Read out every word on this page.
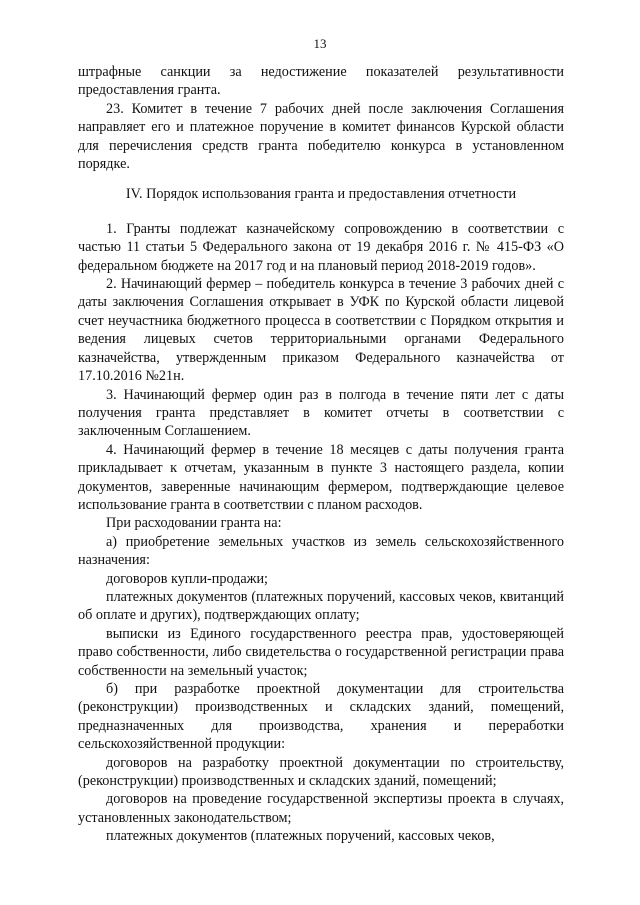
13

штрафные санкции за недостижение показателей результативности предоставления гранта.

23. Комитет в течение 7 рабочих дней после заключения Соглашения направляет его и платежное поручение в комитет финансов Курской области для перечисления средств гранта победителю конкурса в установленном порядке.

IV. Порядок использования гранта и предоставления отчетности

1. Гранты подлежат казначейскому сопровождению в соответствии с частью 11 статьи 5 Федерального закона от 19 декабря 2016 г. № 415-ФЗ «О федеральном бюджете на 2017 год и на плановый период 2018-2019 годов».

2. Начинающий фермер – победитель конкурса в течение 3 рабочих дней с даты заключения Соглашения открывает в УФК по Курской области лицевой счет неучастника бюджетного процесса в соответствии с Порядком открытия и ведения лицевых счетов территориальными органами Федерального казначейства, утвержденным приказом Федерального казначейства от 17.10.2016 №21н.

3. Начинающий фермер один раз в полгода в течение пяти лет с даты получения гранта представляет в комитет отчеты в соответствии с заключенным Соглашением.

4. Начинающий фермер в течение 18 месяцев с даты получения гранта прикладывает к отчетам, указанным в пункте 3 настоящего раздела, копии документов, заверенные начинающим фермером, подтверждающие целевое использование гранта в соответствии с планом расходов.

При расходовании гранта на:

а) приобретение земельных участков из земель сельскохозяйственного назначения:

договоров купли-продажи;

платежных документов (платежных поручений, кассовых чеков, квитанций об оплате и других), подтверждающих оплату;

выписки из Единого государственного реестра прав, удостоверяющей право собственности, либо свидетельства о государственной регистрации права собственности на земельный участок;

б) при разработке проектной документации для строительства (реконструкции) производственных и складских зданий, помещений, предназначенных для производства, хранения и переработки сельскохозяйственной продукции:

договоров на разработку проектной документации по строительству, (реконструкции) производственных и складских зданий, помещений;

договоров на проведение государственной экспертизы проекта в случаях, установленных законодательством;

платежных документов (платежных поручений, кассовых чеков,
